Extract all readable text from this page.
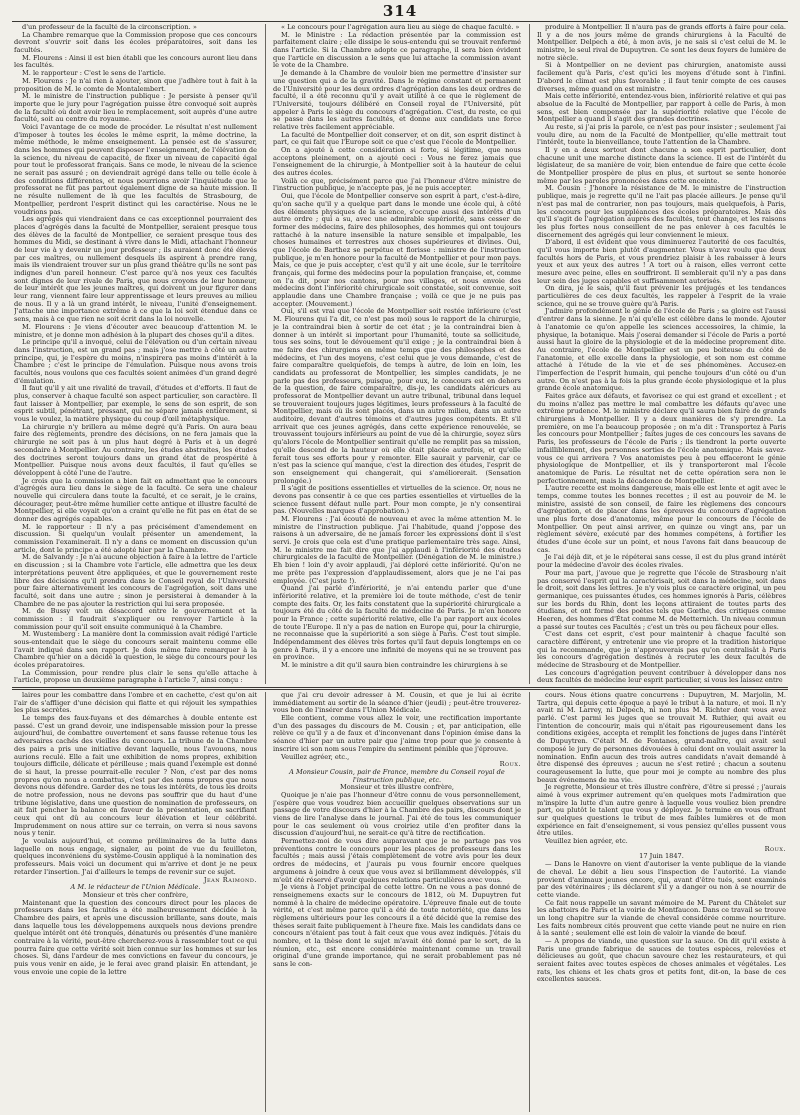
314

d'un professeur de la faculté de la circonscription. »

La Chambre remarque que la Commission propose que ces concours devront s'ouvrir soit dans les écoles préparatoires, soit dans les facultés.

M. Flourens : Ainsi il est bien établi que les concours auront lieu dans les facultés.

M. le rapporteur : C'est le sens de l'article.

M. Flourens : Je n'ai rien à ajouter, sinon que j'adhère tout à fait à la proposition de M. le comte de Montalembert.

M. le ministre de l'instruction publique : Je persiste à penser qu'il importe que le jury pour l'agrégation puisse être convoqué soit auprès de la faculté où doit avoir lieu le remplacement, soit auprès d'une autre faculté, soit au centre du royaume.

Voici l'avantage de ce mode de procéder. Le résultat n'est nullement d'imposer à toutes les écoles le même esprit, la même doctrine, la même méthode, le même enseignement. La pensée est de s'assurer, dans les hommes qui peuvent disposer l'enseignement, de l'élévation de la science, du niveau de capacité, de fixer un niveau de capacité égal pour tout le professorat français. Sans ce mode, le niveau de la science ne serait pas assuré ; on deviendrait agrégé dans telle ou telle école à des conditions différentes, et nous pourrions avoir l'inquiétude que le professorat ne fût pas partout également digne de sa haute mission. Il ne résulte nullement de là que les facultés de Strasbourg, de Montpellier, perdront l'esprit distinct qui les caractérise. Nous ne le voudrions pas.

Les agrégés qui viendraient dans ce cas exceptionnel pourraient des places d'agrégés dans la faculté de Montpellier, seraient presque tous des élèves de la faculté de Montpellier, ce seraient presque tous des hommes du Midi, se destinant à vivre dans le Midi, attachant l'honneur de leur vie à y devenir un jour professeur ; ils auraient donc été élevés par ces maîtres, ou nullement desquels ils aspirent à prendre rang, mais ils viendraient trouver sur un plus grand théâtre qu'ils ne sont pas indignes d'un pareil honneur. C'est parce qu'à nos yeux ces facultés sont dignes de leur rivale de Paris, que nous croyons de leur honneur, de leur intérêt que les jeunes maîtres, qui doivent un jour figurer dans leur rang, viennent faire leur apprentissage et leurs preuves au milieu de nous. Il y a là un grand intérêt, le niveau, l'unité d'enseignement. J'attache une importance extrême à ce que la loi soit étendue dans ce sens, mais à ce que rien ne soit écrit dans la loi nouvelle.

M. Flourens : Je viens d'écouter avec beaucoup d'attention M. le ministre, et je donne mon adhésion à la plupart des choses qu'il a dites.

Le principe qu'il a invoqué, celui de l'élévation ou d'un certain niveau dans l'instruction, est un grand pas ; mais j'ose mettre à côté un autre principe, qui, je l'espère du moins, n'inspirera pas moins d'intérêt à la Chambre ; c'est le principe de l'émulation. Puisque nous avons trois facultés, nous voulons que ces facultés soient animées d'un grand degré d'émulation.

Il faut qu'il y ait une rivalité de travail, d'études et d'efforts. Il faut de plus, conserver à chaque faculté son aspect particulier, son caractère. Il faut laisser à Montpellier, par exemple, le sens de son esprit, de son esprit subtil, pénétrant, pressant, qui ne sépare jamais entièrement, si vous le voulez, la matière physique du coup d'œil métaphysique.

La chirurgie n'y brillera au même degré qu'à Paris. On aura beau faire des règlements, prendre des décisions, on ne fera jamais que la chirurgie ne soit pas à un plus haut degré à Paris et à un degré secondaire à Montpellier. Au contraire, les études abstraites, les études des doctrines seront toujours dans un grand état de prospérité à Montpellier. Puisque nous avons deux facultés, il faut qu'elles se développent à côté l'une de l'autre.

Je crois que la commission a bien fait en admettant que le concours d'agrégés aura lieu dans le siège de la faculté. Ce sera une chaleur nouvelle qui circulera dans toute la faculté, et ce serait, je le crains, décourager, peut-être même humilier cette antique et illustre faculté de Montpellier, si elle voyait qu'on a craint qu'elle ne fût pas en état de se donner des agrégés capables.

M. le rapporteur : Il n'y a pas précisément d'amendement en discussion. Si quelqu'un voulait présenter un amendement, la commission l'examinerait. Il n'y a dans ce moment en discussion qu'un article, dont le principe a été adopté hier par la Chambre.

M. de Salvandy : Je n'ai aucune objection à faire à la lettre de l'article en discussion ; si la Chambre vote l'article, elle admettra que les deux interprétations peuvent être appliquées, et que le gouvernement reste libre des décisions qu'il prendra dans le Conseil royal de l'Université pour faire alternativement les concours de l'agrégation, soit dans une faculté, soit dans une autre ; sinon je persisterai à demander à la Chambre de ne pas ajouter la restriction qui lui sera proposée.

M. de Bussy voit un désaccord entre le gouvernement et la commission : il faudrait s'expliquer ou renvoyer l'article à la commission pour qu'il soit ensuite communiqué à la Chambre.

M. Wustemberg : La manière dont la commission avait rédigé l'article sous-entendait que le siège du concours serait maintenu comme elle l'avait indiqué dans son rapport. Je dois même faire remarquer à la Chambre qu'hier on a décidé la question, le siège du concours pour les écoles préparatoires.

La Commission, pour rendre plus clair le sens qu'elle attache à l'article, propose un deuxième paragraphe à l'article 7, ainsi conçu :

« Le concours pour l'agrégation aura lieu au siège de chaque faculté. »

M. le Ministre : La rédaction présentée par la commission est parfaitement claire ; elle dissipe le sous-entendu qui se trouvait renfermé dans l'article. Si la Chambre adopte ce paragraphe, il sera bien évident que l'article en discussion a le sens que lui attache la commission avant le vote de la Chambre.

Je demande à la Chambre de vouloir bien me permettre d'insister sur une question qui a de la gravité. Dans le régime constant et permanent de l'Université pour les deux ordres d'agrégation dans les deux ordres de faculté, il a été reconnu qu'il y avait utilité à ce que le règlement de l'Université, toujours délibéré en Conseil royal de l'Université, pût appeler à Paris le siège du concours d'agrégation. C'est, du reste, ce qui se passe dans les autres facultés, et donne aux candidats une force relative très facilement appréciable.

La faculté de Montpellier doit conserver, et on dit, son esprit distinct à part, ce qui fait que l'Europe soit ce que c'est que l'école de Montpellier.

On a ajouté à cette considération si forte, si légitime, que nous acceptons pleinement, on a ajouté ceci : Vous ne ferez jamais que l'enseignement de la chirurgie, à Montpellier soit à la hauteur de celui des autres écoles.

Voilà ce que, précisément parce que j'ai l'honneur d'être ministre de l'instruction publique, je n'accepte pas, je ne puis accepter.

Oui, que l'école de Montpellier conserve son esprit à part, c'est-à-dire, qu'on sache qu'il y a quelque part dans le monde une école qui, à côté des éléments physiques de la science, s'occupe aussi des intérêts d'un autre ordre ; qui a su, avec une admirable supériorité, sans cesser de former des médecins, faire des philosophes, des hommes qui ont toujours rattaché à la nature insensible la nature sensible et impalpable, les choses humaines et terrestres aux choses supérieures et divines. Oui, que l'école de Barthez se perpétue et florisse : ministre de l'instruction publique, je m'en honore pour la faculté de Montpellier et pour mon pays. Mais, ce que je puis accepter, c'est qu'il y ait une école, sur le territoire français, qui forme des médecins pour la population française, et, comme on l'a dit, pour nos cantons, pour nos villages, et nous envoie des médecins dont l'infériorité chirurgicale soit constatée, soit convenue, soit applaudie dans une Chambre française ; voilà ce que je ne puis pas accepter. (Mouvement.)

Oui, s'il est vrai que l'école de Montpellier soit restée inférieure (c'est M. Flourens qui l'a dit, ce n'est pas moi) sous le rapport de la chirurgie, je la contraindrai bien à sortir de cet état ; je la contraindrai bien à donner à un intérêt si important pour l'humanité, toute sa sollicitude, tous ses soins, tout le dévouement qu'il exige ; je la contraindrai bien à me faire des chirurgiens en même temps que des philosophes et des médecins, et l'un des moyens, c'est celui que je vous demande, c'est de faire comparaître quelquefois, de temps à autre, de loin en loin, les candidats au professorat de Montpellier, les simples candidats, je ne parle pas des professeurs, puisque, pour eux, le concours est en dehors de la question, de faire comparaître, dis-je, les candidats aléricurs au professorat de Montpellier devant un autre tribunal, tribunal dans lequel se trouveraient toujours juges légitimes, leurs professeurs à la faculté de Montpellier, mais où ils sont placés, dans un autre milieu, dans un autre auditoire, devant d'autres témoins et d'autres juges compétents. Et s'il arrivait que ces jeunes agrégés, dans cette expérience renouvelée, se trouvassent toujours inférieurs au point de vue de la chirurgie, soyez sûrs qu'alors l'école de Montpellier sentirait qu'elle ne remplit pas sa mission, qu'elle descend de la hauteur où elle était placée autrefois, et qu'elle ferait tous ses efforts pour y remonter. Elle saurait y parvenir, car ce n'est pas la science qui manque, c'est la direction des études, l'esprit de son enseignement qui changerait, qui s'améliorerait. (Sensation prolongée.)

Il s'agit de positions essentielles et virtuelles de la science. Or, nous ne devons pas consentir à ce que ces parties essentielles et virtuelles de la science fussent défaut nulle part. Pour mon compte, je n'y consentirai pas. (Nouvelles marques d'approbation.)

M. Flourens : J'ai écouté de nouveau et avec la même attention M. le ministre de l'instruction publique. J'ai l'habitude, quand j'oppose des raisons à un adversaire, de ne jamais forcer les expressions dont il s'est servi. Je crois que cela est d'une pratique parlementaire très sage. Ainsi, M. le ministre me fait dire que j'ai applaudi à l'infériorité des études chirurgicales de la faculté de Montpellier. (Dénégation de M. le ministre.) Eh bien ! loin d'y avoir applaudi, j'ai déploré cette infériorité. Qu'on ne me prête pas l'expression d'applaudissement, alors que je ne l'ai pas employée. (C'est juste !).

Quand j'ai parlé d'infériorité, je n'ai entendu parler que d'une infériorité relative, et la première loi de toute méthode, c'est de tenir compte des faits. Or, les faits constatent que la supériorité chirurgicale a toujours été du côté de la faculté de médecine de Paris. Je m'en honore pour la France ; cette supériorité relative, elle l'a par rapport aux écoles de toute l'Europe. Il n'y a pas de nation en Europe qui, pour la chirurgie, ne reconnaisse que la supériorité a son siège à Paris. C'est tout simple. Indépendamment des élèves très fortes qu'il faut depuis longtemps en ce genre à Paris, il y a encore une infinité de moyens qui ne se trouvent pas en province.

M. le ministre a dit qu'il saura bien contraindre les chirurgiens à se

produire à Montpellier. Il n'aura pas de grands efforts à faire pour cela. Il y a de nos jours même de grands chirurgiens à la Faculté de Montpellier. Delpech a été, à mon avis, je ne sais si c'est celui de M. le ministre, le seul rival de Dupuytren. Ce sont les deux foyers de lumière de notre siècle.

Si à Montpellier on ne devient pas chirurgien, anatomiste aussi facilement qu'à Paris, c'est qu'ici les moyens d'étude sont à l'infini. D'abord le climat est plus favorable ; il faut tenir compte de ces causes diverses, même quand on est ministre.

Mais cette infériorité, entendez-vous bien, infériorité relative et qui pas absolue de la Faculté de Montpellier, par rapport à celle de Paris, à mon sens, est bien compensée par la supériorité relative que l'école de Montpellier a quand il s'agit des grandes doctrines.

Au reste, si j'ai pris la parole, ce n'est pas pour insister ; seulement j'ai voulu dire, au nom de la Faculté de Montpellier, qu'elle mettrait tout l'intérêt, toute la bienveillance, toute l'attention de la Chambre.

Il y en a deux sortout dont chacune a son esprit particulier, dont chacune unit une marche distincte dans la science. Il est de l'intérêt du législateur, de sa manière de voir, bien entendue de faire que cette école de Montpellier prospère de plus en plus, et surtout se sente honorée même par les paroles prononcées dans cette enceinte.

M. Cousin : J'honore la résistance de M. le ministre de l'instruction publique, mais je regrette qu'il ne l'ait pas placée ailleurs. Je pense qu'il n'est pas mal de contrarier, non pas toujours, mais quelquefois, à Paris, les concours pour les suppléances des écoles préparatoires. Mais dès qu'il s'agit de l'agrégation auprès des facultés, tout change, et les raisons les plus fortes nous conseillent de ne pas enlever à ces facultés le discernement des agrégés qui leur conviennent le mieux.

D'abord, il est évident que vous diminuerez l'autorité de ces facultés, qu'il vous importe bien plutôt d'augmenter. Vous n'avez voulu que deux facultés hors de Paris, et vous prendriez plaisir à les rabaisser à leurs yeux et aux yeux des autres ! A tort ou à raison, elles verront cette mesure avec peine, elles en souffriront. Il semblerait qu'il n'y a pas dans leur sein des juges capables et suffisamment autorisés.

On dira, je le sais, qu'il faut prévenir les préjugés et les tendances particulières de ces deux facultés, les rappeler à l'esprit de la vraie science, qui ne se trouve guère qu'à Paris.

J'admire profondément le génie de l'école de Paris ; sa gloire est l'aussi d'entrer dans la sienne. Je n'ai qu'elle est célèbre dans le monde. Ajouter à l'anatomie ce qu'on appelle les sciences accessoires, la chimie, la physique, la botanique. Mais j'oserai demander si l'école de Paris a porté aussi haut la gloire de la physiologie et de la médecine proprement dite. Au contraire, l'école de Montpellier est un peu boiteuse du côté de l'anatomie, et elle excelle dans la physiologie, et son nom est comme attaché à l'étude de la vie et de ses phénomènes. Accusez-en l'imperfection de l'esprit humain, qui penche toujours d'un côté ou d'un autre. On n'est pas à la fois la plus grande école physiologique et la plus grande école anatomique.

Faites grâce aux défauts, et favorisez ce qui est grand et excellent ; et du moins n'allez pas mettre le mal combattre les défauts qu'avec une extrême prudence. M. le ministre déclare qu'il saura bien faire de grands chirurgiens à Montpellier. Il y a deux manières de s'y prendre. La première, on me l'a beaucoup proposée ; on m'a dit : Transportez à Paris les concours pour Montpellier ; faites juges de ces concours les savans de Paris, les professeurs de l'école de Paris ; ils tiendront la porte ouverte infailliblement, des personnes sorties de l'école anatomique. Mais savez-vous ce qui arrivera ? Vos anatomistes peu à peu effaceront le génie physiologique de Montpellier, et ils y transporteront mal l'école anatomique de Paris. Le résultat net de cette opération sera non le perfectionnement, mais la décadence de Montpellier.

L'autre recette est moins dangereuse, mais elle est lente et agit avec le temps, comme toutes les bonnes recettes ; il est au pouvoir de M. le ministre, assisté de son conseil, de faire les règlemens des concours d'agrégation, et de placer dans les épreuves du concours d'agrégation une plus forte dose d'anatomie, même pour le concours de l'école de Montpellier. On peut ainsi arriver, en quinze ou vingt ans, par un règlement sévère, exécuté par des hommes compétens, à fortifier les études d'une école sur un point, et nous l'avons fait dans beaucoup de cas.

Je l'ai déjà dit, et je le répéterai sans cesse, il est du plus grand intérêt pour la médecine d'avoir des écoles rivales.

Pour ma part, j'avoue que je regrette que l'école de Strasbourg n'ait pas conservé l'esprit qui la caractérisait, soit dans la médecine, soit dans le droit, soit dans les lettres. Je n'y vois plus ce caractère original, un peu germanique, ces puissantes études, ces hommes ignorés à Paris, célèbres sur les bords du Rhin, dont les leçons attiraient de toutes parts des étudians, et ont formé des poètes tels que Gœthe, des critiques comme Heeren, des hommes d'État comme M. de Metternich. Un niveau commun a passé sur toutes ces Facultés ; c'est un très ou peu fâcheux pour elles.

C'est dans cet esprit, c'est pour maintenir à chaque faculté son caractère différent, y entretenir une vie propre et la tradition historique qui la recommande, que je n'approuverais pas qu'on centralisât à Paris les concours d'agrégation destinés à recruter les deux facultés de médecine de Strasbourg et de Montpellier.

Les concours d'agrégation peuvent contribuer à développer dans nos deux facultés de médecine leur esprit particulier, si vous les laissez entre

laires pour les combattre dans l'ombre et en cachette, c'est qu'on ait l'air de s'affliger d'une décision qui flatte et qui réjouit les sympathies les plus secrètes.

Le temps des faux-fuyans et des démarches à double entente est passé. C'est un grand devoir, une indispensable mission pour la presse aujourd'hui, de combattre ouvertement et sans fausse retenue tous les adversaires cachés des vieilles du concours. La tribune de la Chambre des pairs a pris une initiative devant laquelle, nous l'avouons, nous aurions reculé. Elle a fait une exhibition de noms propres, exhibition toujours difficile, délicate et périlleuse ; mais quand l'exemple est donné de si haut, la presse pourrait-elle reculer ? Non, c'est par des noms propres qu'on nous a combattus, c'est par des noms propres que nous devons nous défendre. Garder des ne tous les intérêts, de tous les droits de notre profession, nous ne devons pas souffrir que du haut d'une tribune législative, dans une question de nomination de professeurs, on ait fait pencher la balance en faveur de la présentation, en sacrifiant ceux qui ont dû au concours leur élévation et leur célébrité. Imprudemment on nous attire sur ce terrain, on verra si nous savons nous y tenir.

Je voulais aujourd'hui, et comme préliminaires de la lutte dans laquelle on nous engage, signaler, au point de vue du feuilleton, quelques inconvéniens du système-Cousin appliqué à la nomination des professeurs. Mais voici un document qui m'arrive et dont je ne peux retarder l'insertion. J'ai d'ailleurs le temps de revenir sur ce sujet.

Jean Raimond.

A M. le rédacteur de l'Union Médicale.

Monsieur et très cher confrère,

Maintenant que la question des concours direct pour les places de professeurs dans les facultés a été malheureusement décidée à la Chambre des pairs, et après une discussion brillante, sans doute, mais dans laquelle tous les développemens auxquels nous devions prendre quelque intérêt ont été tronqués, dénaturés ou présentés d'une manière contraire à la vérité, peut-être chercherez-vous à rassembler tout ce qui pourra faire que cette vérité soit bien connue sur les hommes et sur les choses. Si, dans l'ardeur de mes convictions en faveur du concours, je puis vous venir en aide, je le ferai avec grand plaisir. En attendant, je vous envoie une copie de la lettre

que j'ai cru devoir adresser à M. Cousin, et que je lui ai écrite immédiatement au sortir de la séance d'hier (jeudi) ; peut-être trouverez-vous bon de l'insérer dans l'Union Médicale.

Elle contient, comme vous allez le voir, une rectification importante d'un des passages du discours de M. Cousin ; et, par anticipation, elle relève ce qu'il y a de faux et d'inconvenant dans l'opinion émise dans la séance d'hier par un autre pair que j'aime trop pour que je consente à inscrire ici son nom sous l'empire du sentiment pénible que j'éprouve.

Veuillez agréer, etc.,

Roux.

A Monsieur Cousin, pair de France, membre du Conseil royal de l'instruction publique, etc.

Monsieur et très illustre confrère,

Quoique je n'aie pas l'honneur d'être connu de vous personnellement, j'espère que vous voudrez bien accueillir quelques observations sur un passage de votre discours d'hier à la Chambre des pairs, discours dont je viens de lire l'analyse dans le journal. J'ai été de tous les communiquer pour le cas seulement où vous croiriez utile d'en profiter dans la discussion d'aujourd'hui, ne serait-ce qu'à titre de rectification.

Permettez-moi de vous dire auparavant que je ne partage pas vos préventions contre le concours pour les places de professeurs dans les facultés ; mais aussi j'étais complètement de votre avis pour les deux ordres de médecins, et j'aurais pu vous fournir encore quelques argumens à joindre à ceux que vous avez si brillamment développés, s'il m'eût été réservé d'avoir quelques relations particulières avec vous.

Je viens à l'objet principal de cette lettre. On ne vous a pas donné de renseignemens exacts sur le concours de 1812, où M. Dupuytren fut nommé à la chaire de médecine opératoire. L'épreuve finale eut de toute vérité, et c'est même parce qu'il a été de toute notoriété, que dans les règlemens ultérieurs pour les concours il a été décidé que la remise des thèses serait faite publiquement à l'heure fixe. Mais les candidats dans ce concours n'étaient pas tout à fait ceux que vous avez indiqués. J'étais du nombre, et la thèse dont le sujet m'avait été donné par le sort, de la réunion, etc., est encore considérée maintenant comme un travail original d'une grande importance, qui ne serait probablement pas né sans le con-

cours. Nous étions quatre concurrens : Dupuytren, M. Marjolin, M. Tartra, qui depuis cette époque a payé le tribut à la nature, et moi. Il n'y avait ni M. Larrey, ni Delpech, ni non plus M. Richter dont vous avez parlé. C'est parmi les juges que se trouvait M. Ruthier, qui avait eu l'intention de concourir, mais qui n'était pas rigoureusement dans les conditions exigées, accepta et remplit les fonctions de juges dans l'intérêt de Dupuytren. C'était M. de Fontanes, grand-maître, qui avait seul composé le jury de personnes dévouées à celui dont on voulait assurer la nomination. Enfin aucun des trois autres candidats n'avait demandé à être dispensé des épreuves ; aucun ne s'est retiré ; chacun a soutenu courageusement la lutte, que pour moi je compte au nombre des plus beaux événemens de ma vie.

Je regrette, Monsieur et très illustre confrère, d'être si pressé ; j'aurais aimé à vous exprimer autrement qu'en quelques mots l'admiration que m'inspire la lutte d'un autre genre à laquelle vous vouliez bien prendre part, ou plutôt le talent que vous y déployez. Je termine en vous offrant sur quelques questions le tribut de mes faibles lumières et de mon expérience en fait d'enseignement, si vous pensiez qu'elles pussent vous être utiles.

Veuillez bien agréer, etc.

Roux.

17 Juin 1847.

— Dans le Hanovre on vient d'autoriser la vente publique de la viande de cheval. Le débit a lieu sous l'inspection de l'autorité. La viande provient d'animaux jeunes encore, qui, avant d'être tués, sont examinés par des vétérinaires ; ils déclarent s'il y a danger ou non à se nourrir de cette viande.

Ce fait nous rappelle un savant mémoire de M. Parent du Châtelet sur les abattoirs de Paris et la voirie de Montfaucon. Dans ce travail se trouve un long chapitre sur la viande de cheval considérée comme nourriture. Les faits nombreux cités prouvent que cette viande peut ne nuire en rien à la santé ; seulement elle est loin de valoir la viande de bœuf.

— A propos de viande, une question sur la sauce. On dit qu'il existe à Paris une grande fabrique de sauces de toutes espèces, relevées et délicieuses au goût, que chacun savoure chez les restaurateurs, et qui seraient faites avec toutes espèces de choses animales et végétales. Les rats, les chiens et les chats gros et petits font, dit-on, la base de ces excellentes sauces.
